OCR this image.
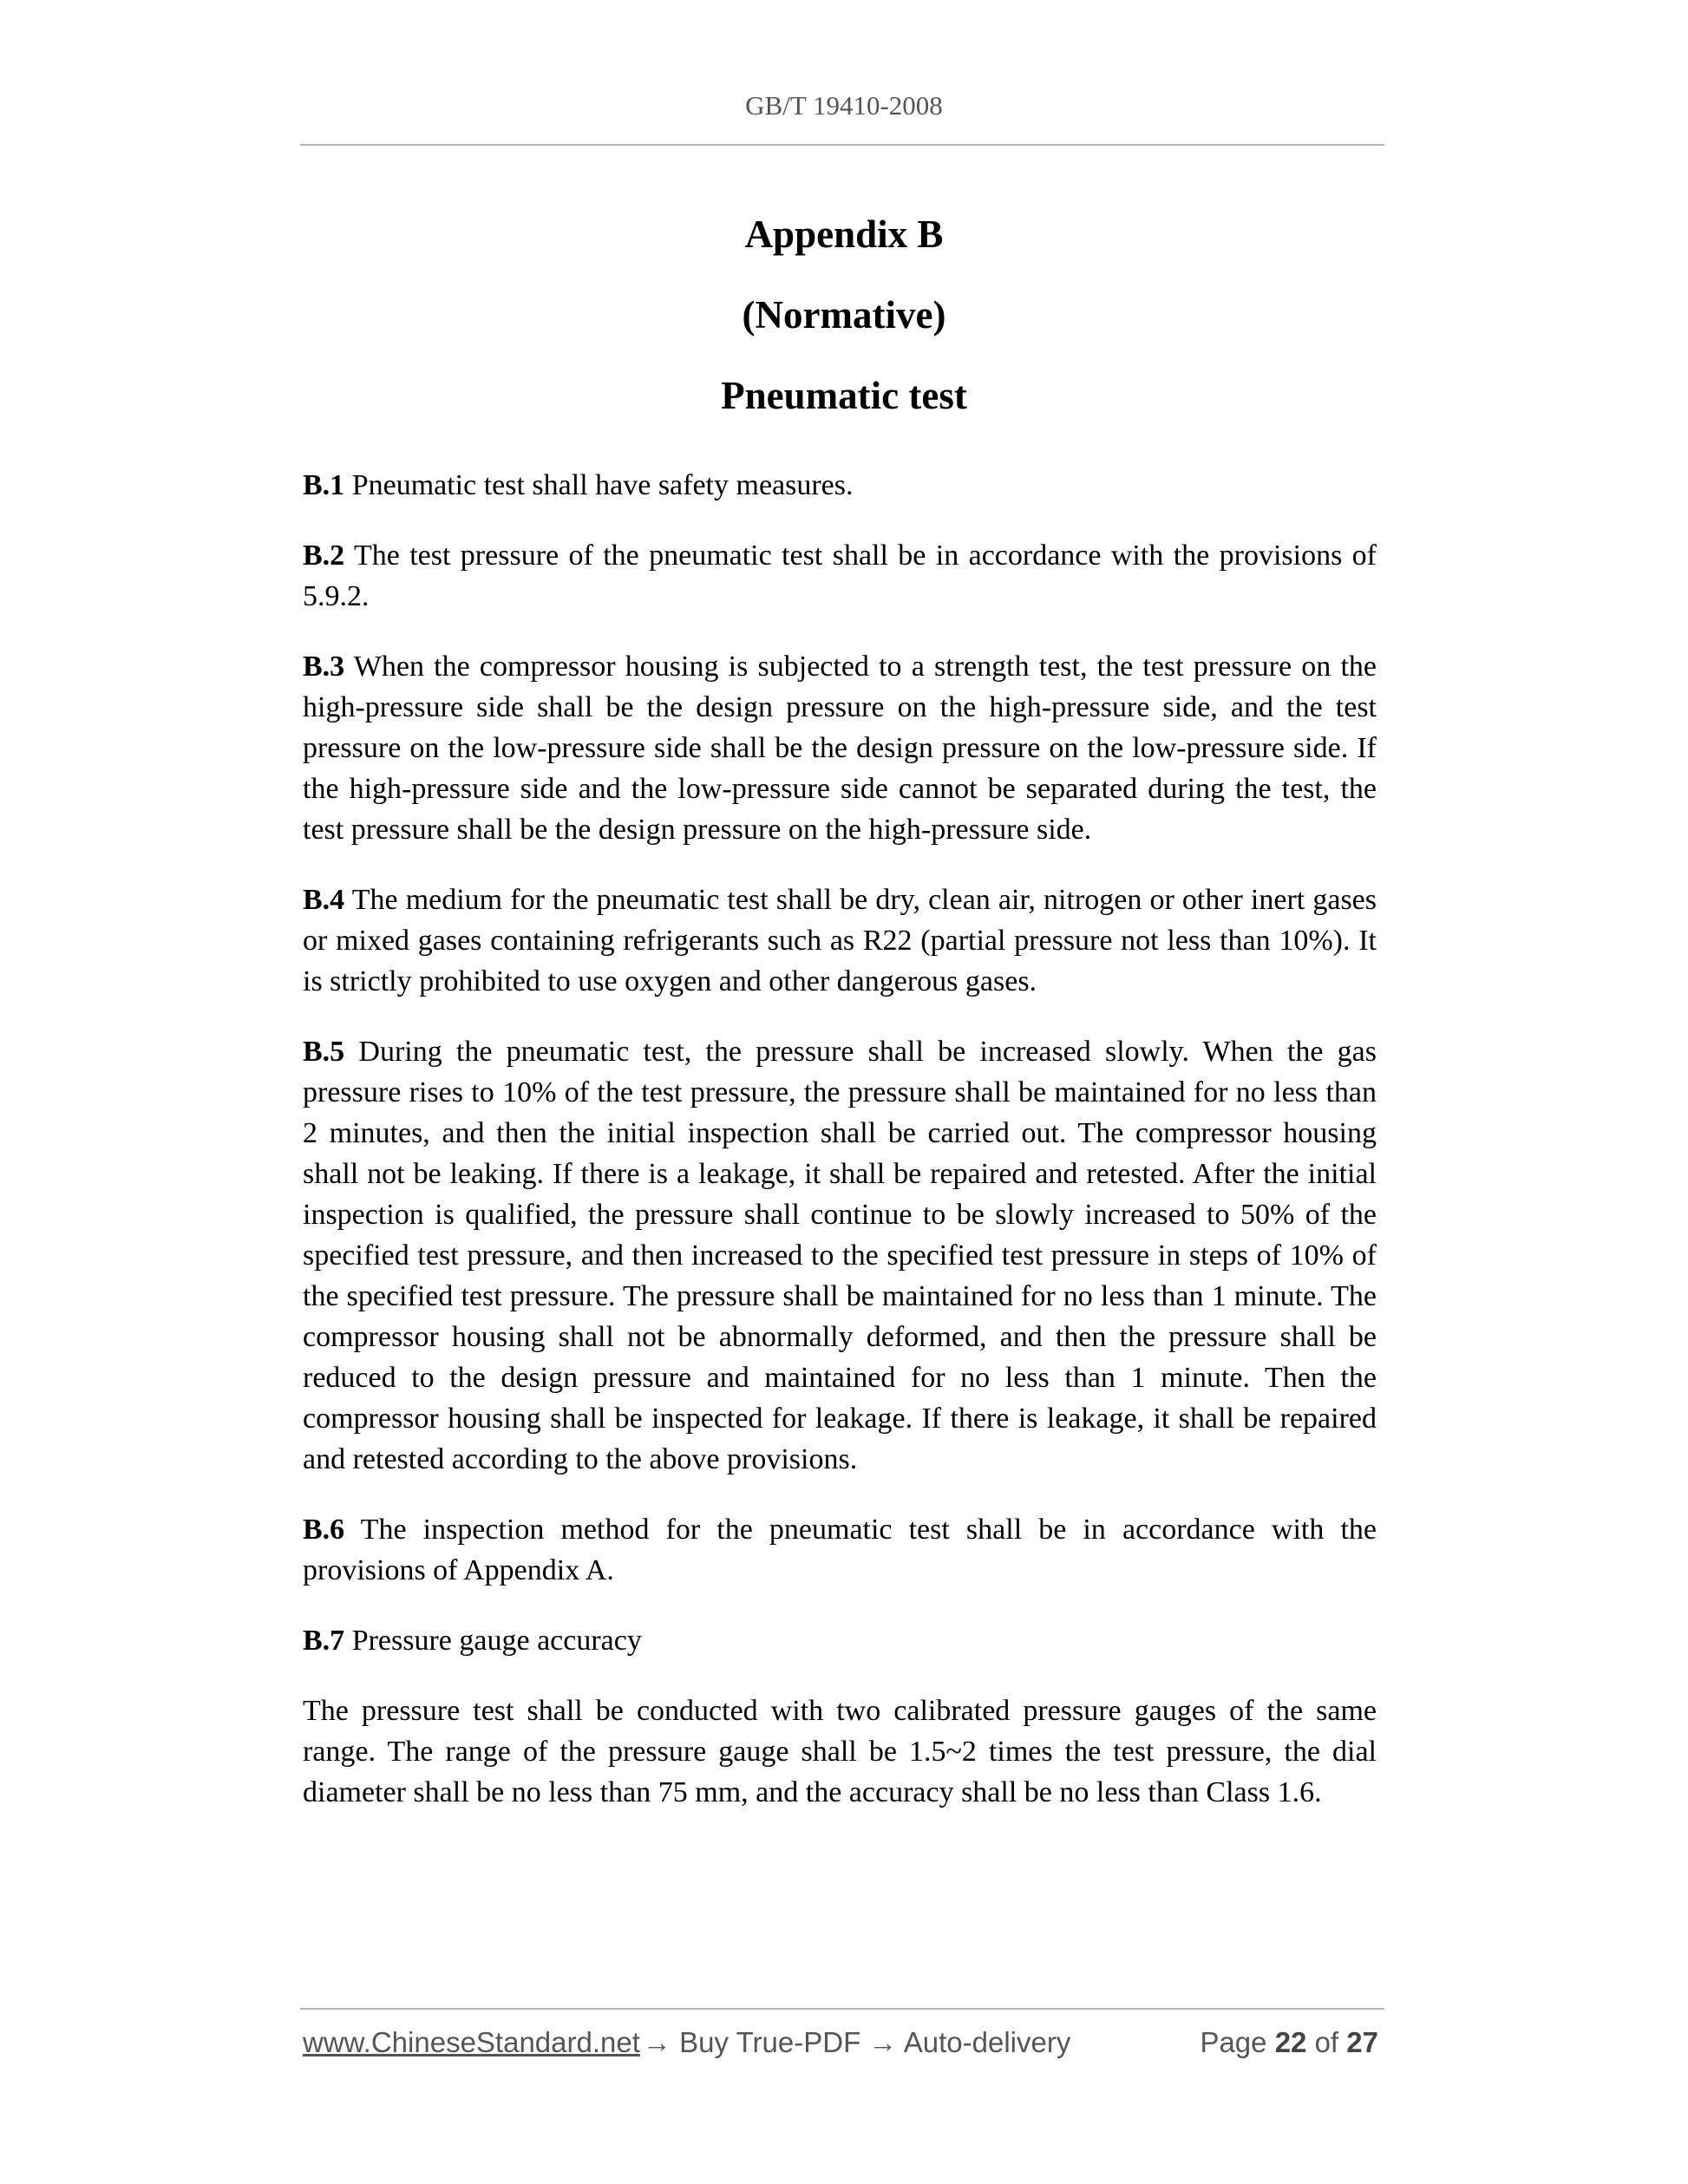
GB/T 19410-2008
Appendix B
(Normative)
Pneumatic test

B.1 Pneumatic test shall have safety measures.

B.2 The test pressure of the pneumatic test shall be in accordance with the provisions of 5.9.2.

B.3 When the compressor housing is subjected to a strength test, the test pressure on the high-pressure side shall be the design pressure on the high-pressure side, and the test pressure on the low-pressure side shall be the design pressure on the low-pressure side. If the high-pressure side and the low-pressure side cannot be separated during the test, the test pressure shall be the design pressure on the high-pressure side.

B.4 The medium for the pneumatic test shall be dry, clean air, nitrogen or other inert gases or mixed gases containing refrigerants such as R22 (partial pressure not less than 10%). It is strictly prohibited to use oxygen and other dangerous gases.

B.5 During the pneumatic test, the pressure shall be increased slowly. When the gas pressure rises to 10% of the test pressure, the pressure shall be maintained for no less than 2 minutes, and then the initial inspection shall be carried out. The compressor housing shall not be leaking. If there is a leakage, it shall be repaired and retested. After the initial inspection is qualified, the pressure shall continue to be slowly increased to 50% of the specified test pressure, and then increased to the specified test pressure in steps of 10% of the specified test pressure. The pressure shall be maintained for no less than 1 minute. The compressor housing shall not be abnormally deformed, and then the pressure shall be reduced to the design pressure and maintained for no less than 1 minute. Then the compressor housing shall be inspected for leakage. If there is leakage, it shall be repaired and retested according to the above provisions.

B.6 The inspection method for the pneumatic test shall be in accordance with the provisions of Appendix A.

B.7 Pressure gauge accuracy

The pressure test shall be conducted with two calibrated pressure gauges of the same range. The range of the pressure gauge shall be 1.5~2 times the test pressure, the dial diameter shall be no less than 75 mm, and the accuracy shall be no less than Class 1.6.

www.ChineseStandard.net → Buy True-PDF → Auto-delivery	Page 22 of 27
